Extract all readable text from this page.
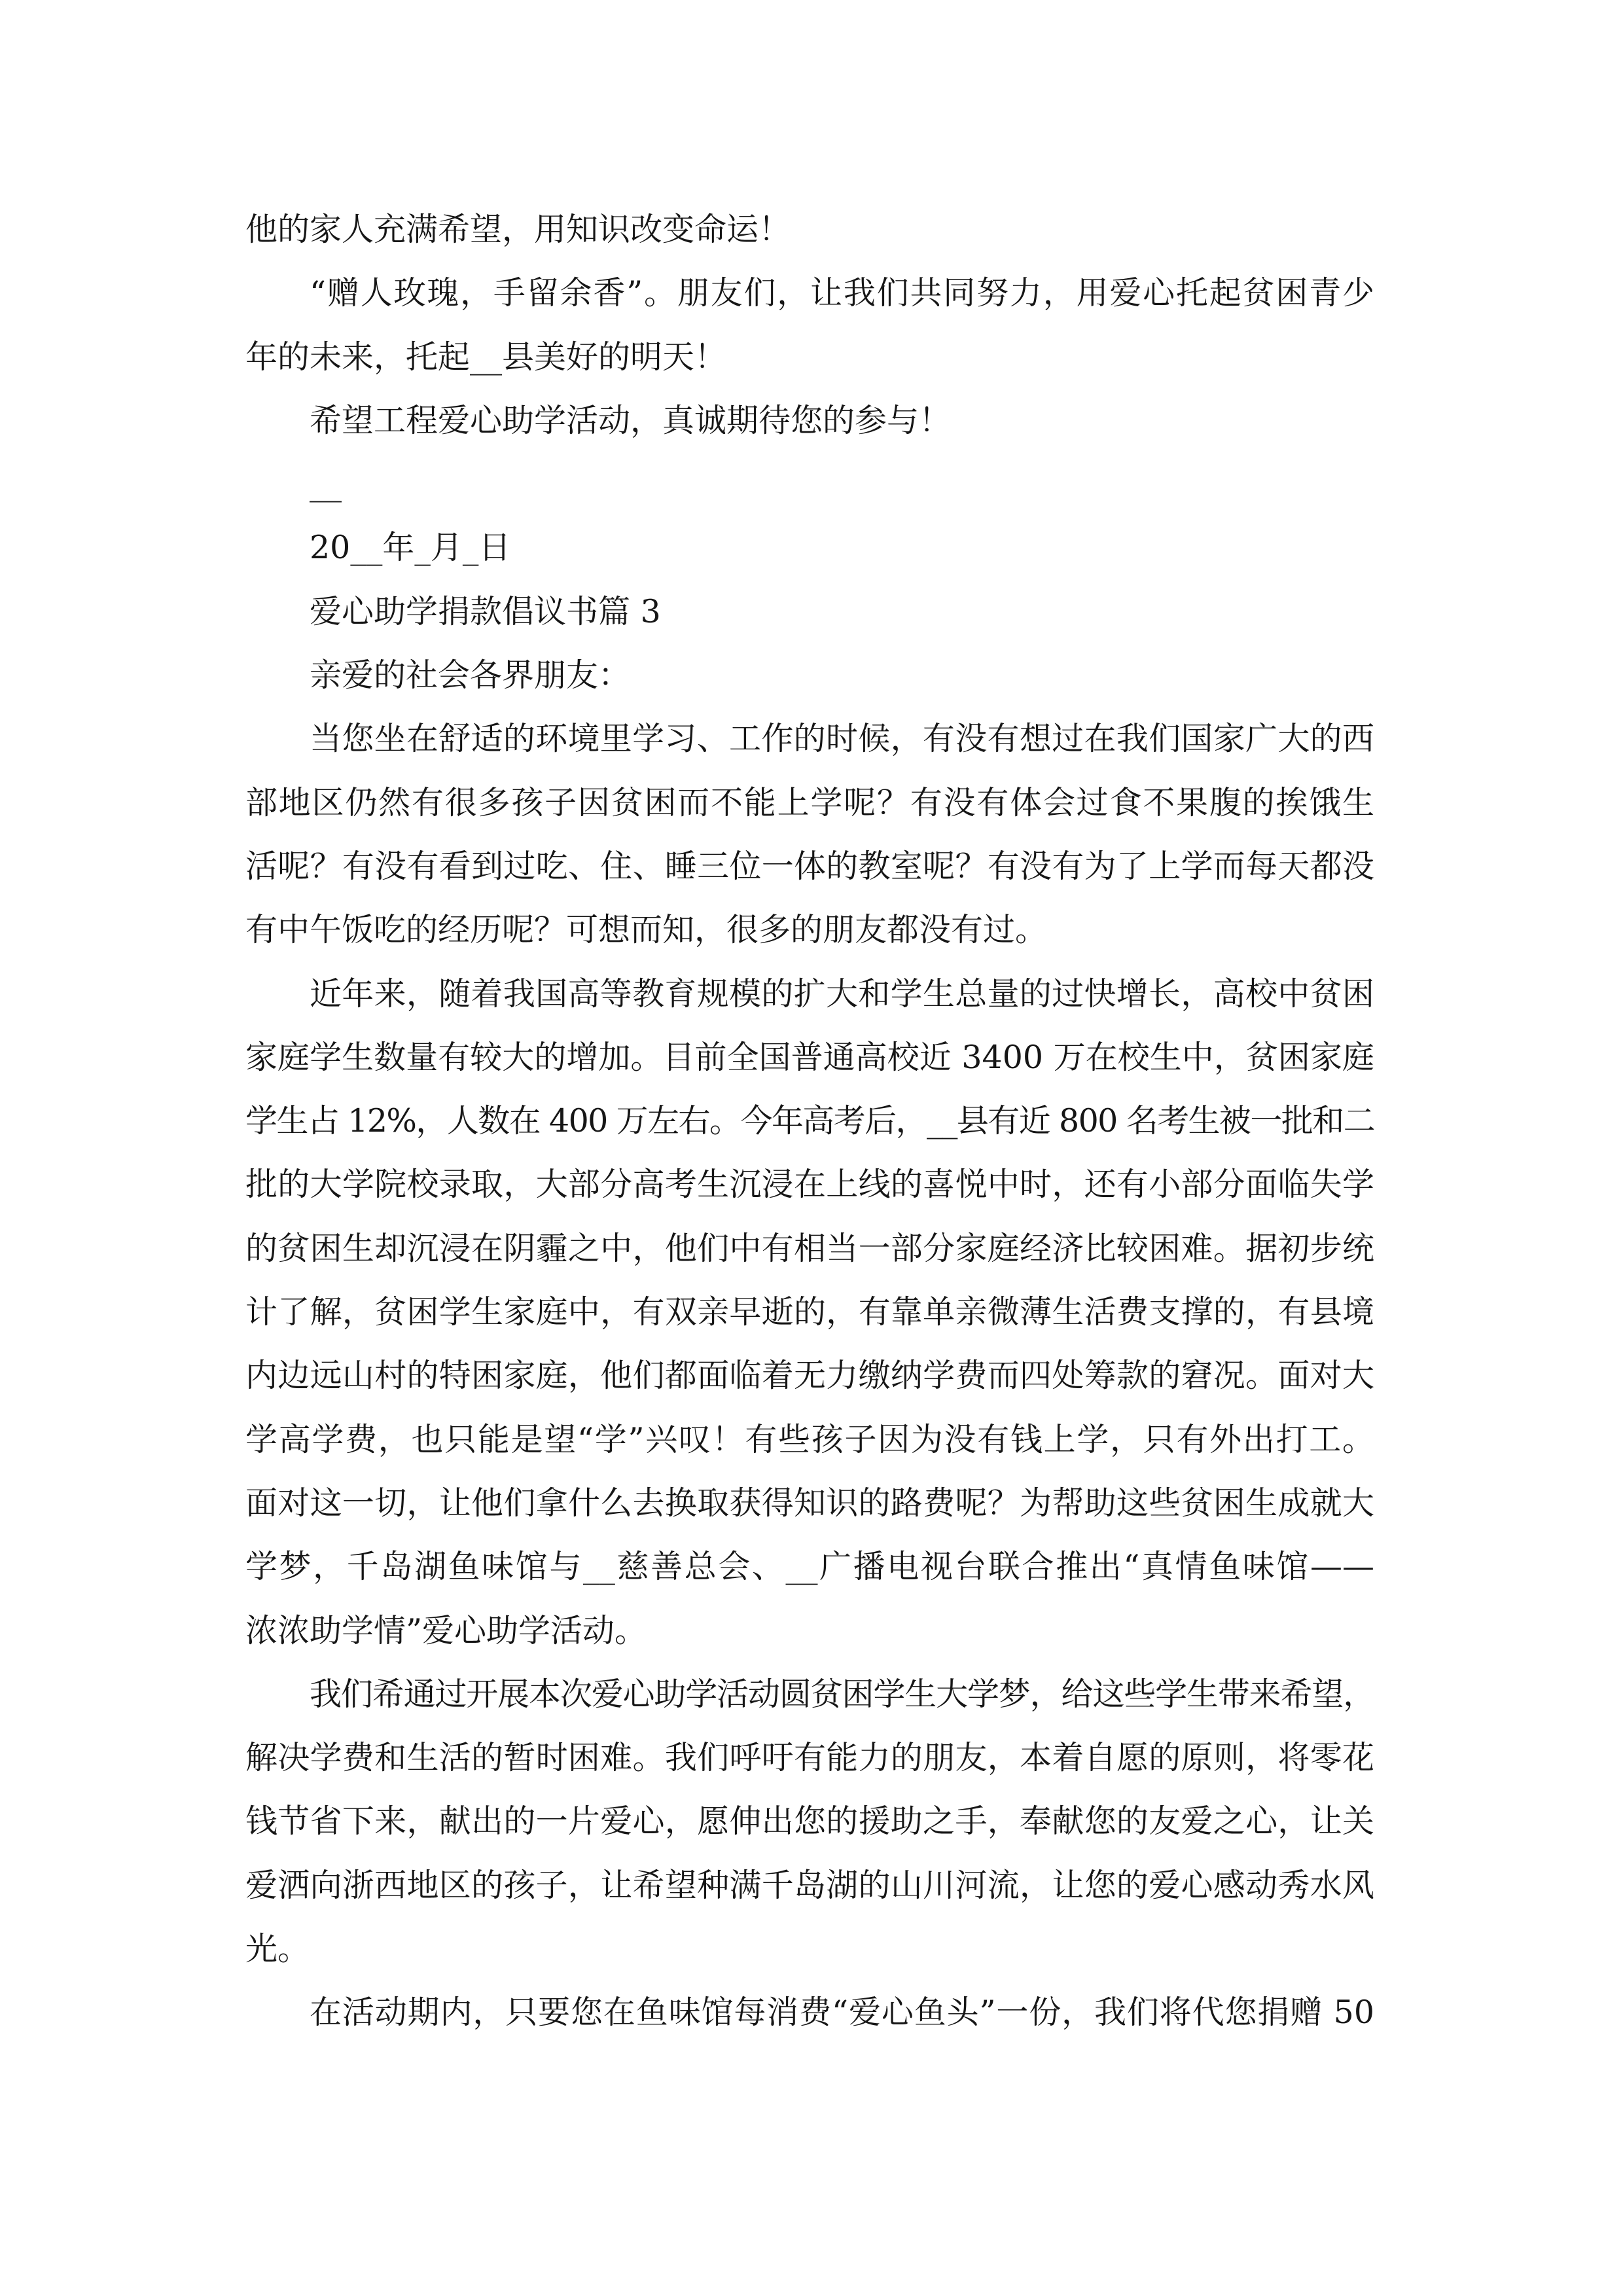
他的家人充满希望，用知识改变命运！
“赠人玫瑰，手留余香”。朋友们，让我们共同努力，用爱心托起贫困青少
年的未来，托起__县美好的明天！
希望工程爱心助学活动，真诚期待您的参与！
__
20__年_月_日
爱心助学捐款倡议书篇 3
亲爱的社会各界朋友：
当您坐在舒适的环境里学习、工作的时候，有没有想过在我们国家广大的西
部地区仍然有很多孩子因贫困而不能上学呢？有没有体会过食不果腹的挨饿生
活呢？有没有看到过吃、住、睡三位一体的教室呢？有没有为了上学而每天都没
有中午饭吃的经历呢？可想而知，很多的朋友都没有过。
近年来，随着我国高等教育规模的扩大和学生总量的过快增长，高校中贫困
家庭学生数量有较大的增加。目前全国普通高校近 3400 万在校生中，贫困家庭
学生占 12%，人数在 400 万左右。今年高考后，__县有近 800 名考生被一批和二
批的大学院校录取，大部分高考生沉浸在上线的喜悦中时，还有小部分面临失学
的贫困生却沉浸在阴霾之中，他们中有相当一部分家庭经济比较困难。据初步统
计了解，贫困学生家庭中，有双亲早逝的，有靠单亲微薄生活费支撑的，有县境
内边远山村的特困家庭，他们都面临着无力缴纳学费而四处筹款的窘况。面对大
学高学费，也只能是望“学”兴叹！有些孩子因为没有钱上学，只有外出打工。
面对这一切，让他们拿什么去换取获得知识的路费呢？为帮助这些贫困生成就大
学梦，千岛湖鱼味馆与__慈善总会、__广播电视台联合推出“真情鱼味馆——
浓浓助学情”爱心助学活动。
我们希通过开展本次爱心助学活动圆贫困学生大学梦，给这些学生带来希望，
解决学费和生活的暂时困难。我们呼吁有能力的朋友，本着自愿的原则，将零花
钱节省下来，献出的一片爱心，愿伸出您的援助之手，奉献您的友爱之心，让关
爱洒向浙西地区的孩子，让希望种满千岛湖的山川河流，让您的爱心感动秀水风
光。
在活动期内，只要您在鱼味馆每消费“爱心鱼头”一份，我们将代您捐赠 50
